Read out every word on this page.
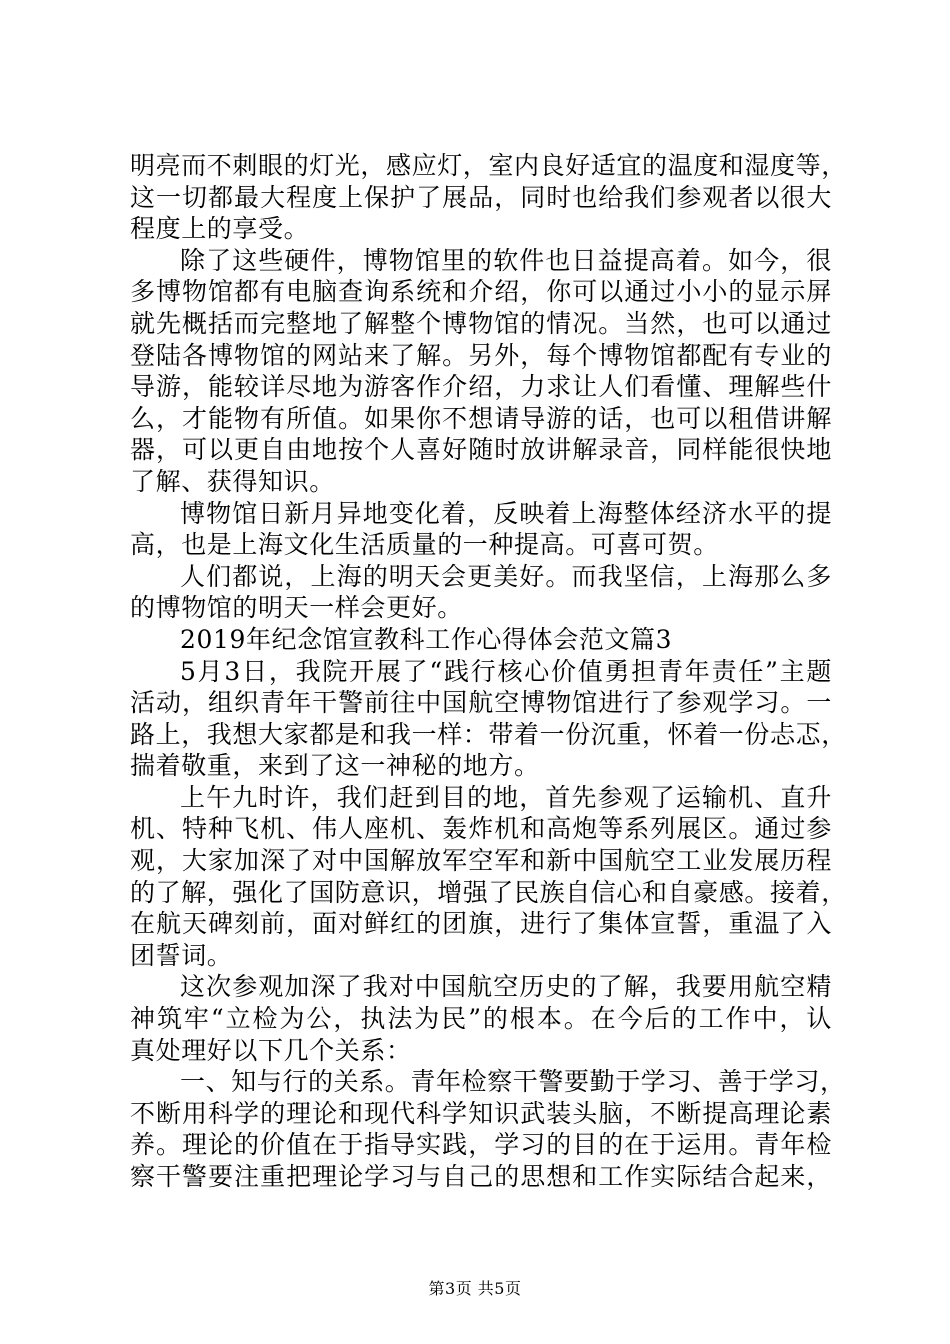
明亮而不刺眼的灯光，感应灯，室内良好适宜的温度和湿度等，
这一切都最大程度上保护了展品，同时也给我们参观者以很大
程度上的享受。
除了这些硬件，博物馆里的软件也日益提高着。如今，很
多博物馆都有电脑查询系统和介绍，你可以通过小小的显示屏
就先概括而完整地了解整个博物馆的情况。当然，也可以通过
登陆各博物馆的网站来了解。另外，每个博物馆都配有专业的
导游，能较详尽地为游客作介绍，力求让人们看懂、理解些什
么，才能物有所值。如果你不想请导游的话，也可以租借讲解
器，可以更自由地按个人喜好随时放讲解录音，同样能很快地
了解、获得知识。
博物馆日新月异地变化着，反映着上海整体经济水平的提
高，也是上海文化生活质量的一种提高。可喜可贺。
人们都说，上海的明天会更美好。而我坚信，上海那么多
的博物馆的明天一样会更好。
2019年纪念馆宣教科工作心得体会范文篇3
5月3日，我院开展了“践行核心价值勇担青年责任”主题
活动，组织青年干警前往中国航空博物馆进行了参观学习。一
路上，我想大家都是和我一样：带着一份沉重，怀着一份忐忑，
揣着敬重，来到了这一神秘的地方。
上午九时许，我们赶到目的地，首先参观了运输机、直升
机、特种飞机、伟人座机、轰炸机和高炮等系列展区。通过参
观，大家加深了对中国解放军空军和新中国航空工业发展历程
的了解，强化了国防意识，增强了民族自信心和自豪感。接着，
在航天碑刻前，面对鲜红的团旗，进行了集体宣誓，重温了入
团誓词。
这次参观加深了我对中国航空历史的了解，我要用航空精
神筑牢“立检为公，执法为民”的根本。在今后的工作中，认
真处理好以下几个关系：
一、知与行的关系。青年检察干警要勤于学习、善于学习，
不断用科学的理论和现代科学知识武装头脑，不断提高理论素
养。理论的价值在于指导实践，学习的目的在于运用。青年检
察干警要注重把理论学习与自己的思想和工作实际结合起来，
第3页 共5页
